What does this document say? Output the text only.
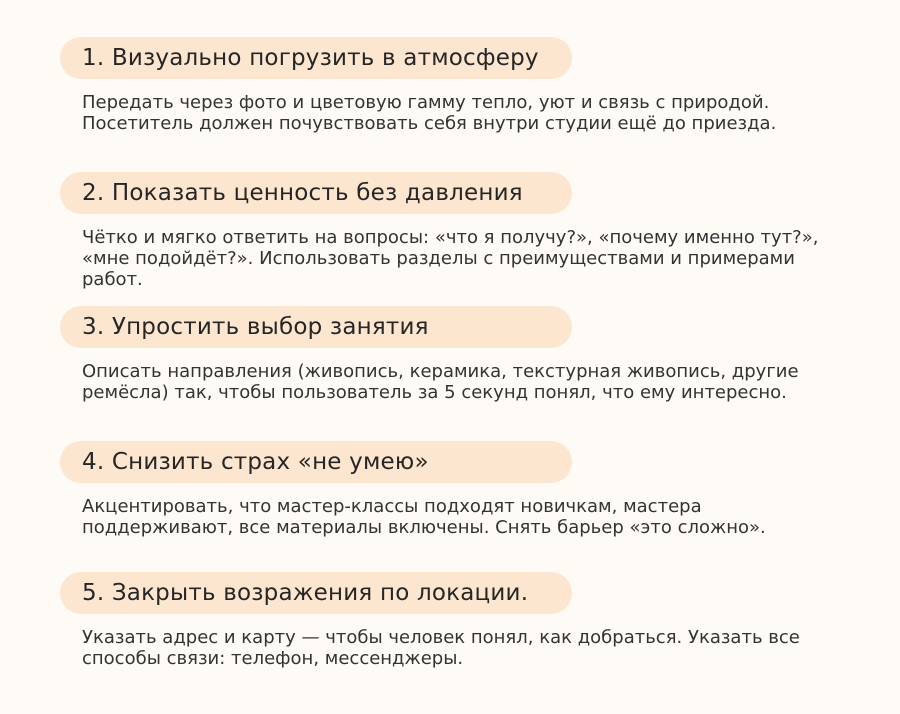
1. Визуально погрузить в атмосферу
Передать через фото и цветовую гамму тепло, уют и связь с природой. Посетитель должен почувствовать себя внутри студии ещё до приезда.
2. Показать ценность без давления
Чётко и мягко ответить на вопросы: «что я получу?», «почему именно тут?», «мне подойдёт?». Использовать разделы с преимуществами и примерами работ.
3. Упростить выбор занятия
Описать направления (живопись, керамика, текстурная живопись, другие ремёсла) так, чтобы пользователь за 5 секунд понял, что ему интересно.
4. Снизить страх «не умею»
Акцентировать, что мастер-классы подходят новичкам, мастера поддерживают, все материалы включены. Снять барьер «это сложно».
5. Закрыть возражения по локации.
Указать адрес и карту — чтобы человек понял, как добраться. Указать все способы связи: телефон, мессенджеры.
